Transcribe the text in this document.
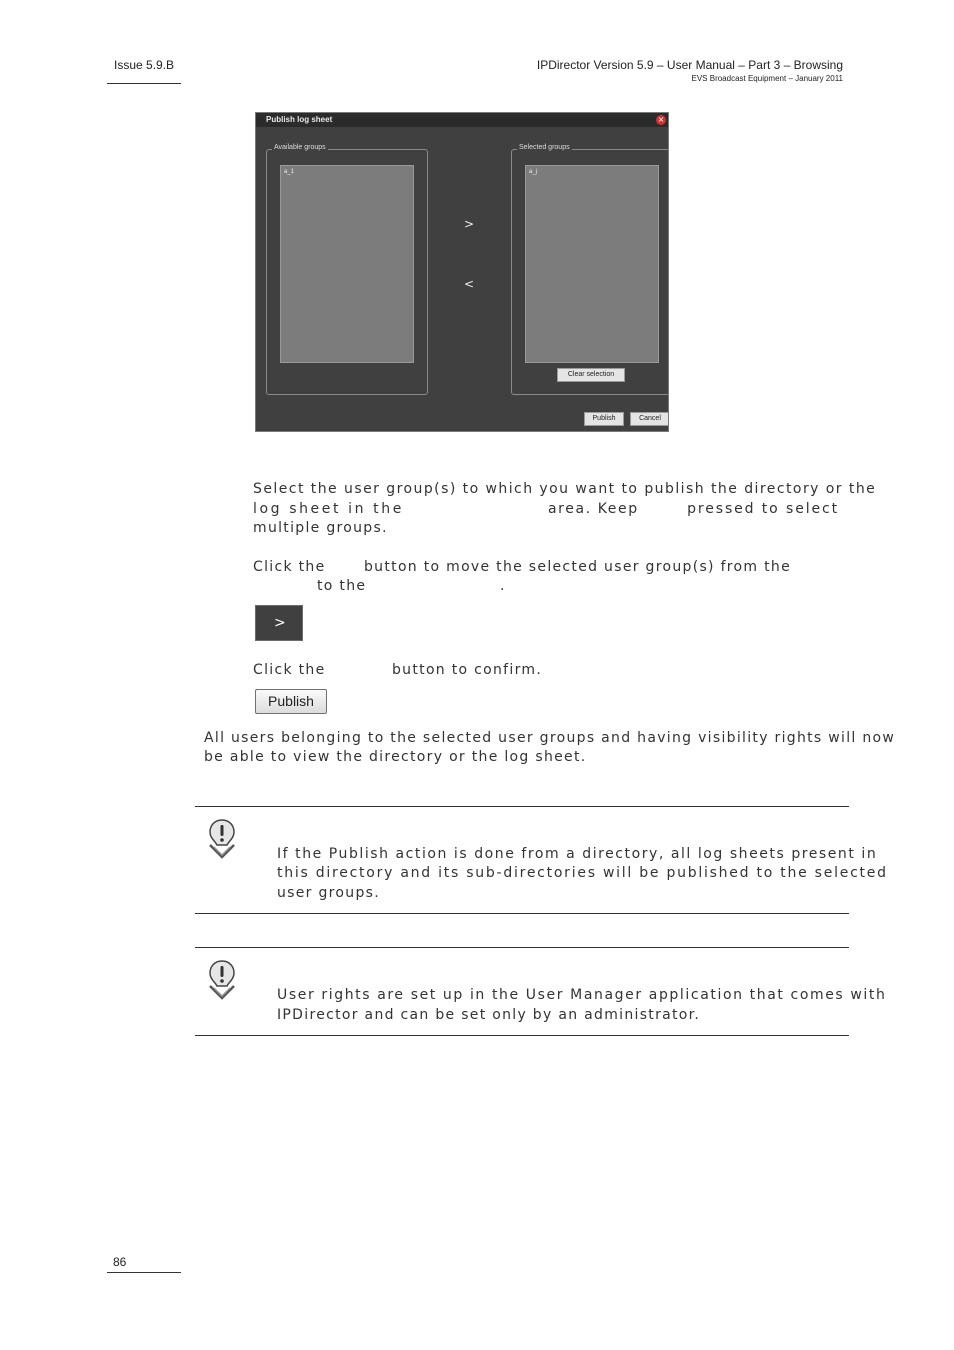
Issue 5.9.B	IPDirector Version 5.9 – User Manual – Part 3 – Browsing
EVS Broadcast Equipment – January 2011
Publish log sheet	×
Available groups
a_1
>
<
Selected groups
a_j
Clear selection
Publish	Cancel
Select the user group(s) to which you want to publish the directory or the
log sheet in the	area. Keep	pressed to select
multiple groups.
Click the	button to move the selected user group(s) from the
to the	.
>
Click the	button to confirm.
Publish
All users belonging to the selected user groups and having visibility rights will now
be able to view the directory or the log sheet.
If the Publish action is done from a directory, all log sheets present in
this directory and its sub-directories will be published to the selected
user groups.
User rights are set up in the User Manager application that comes with
IPDirector and can be set only by an administrator.
86
